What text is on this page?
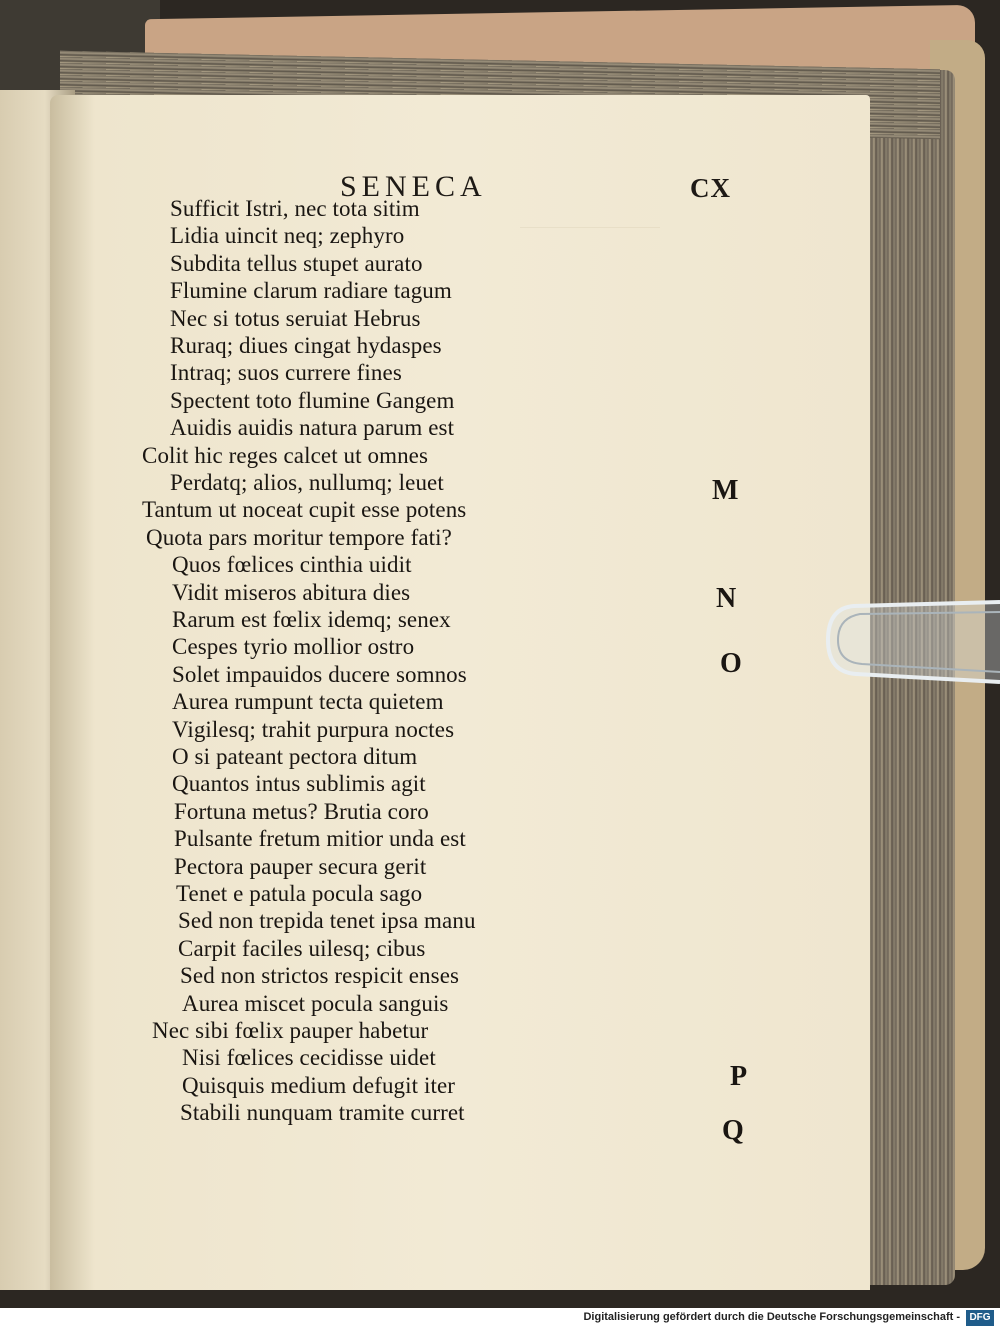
SENECA	CX
Sufficit Istri, nec tota sitim
Lidia uincit neq; zephyro
Subdita tellus stupet aurato
Flumine clarum radiare tagum
Nec si totus seruiat Hebrus
Ruraq; diues cingat hydaspes
Intraq; suos currere fines
Spectent toto flumine Gangem
Auidis auidis natura parum est
Colit hic reges calcet ut omnes
Perdatq; alios, nullumq; leuet
Tantum ut noceat cupit esse potens
Quota pars moritur tempore fati?
Quos fœlices cinthia uidit
Vidit miseros abitura dies
Rarum est fœlix idemq; senex
Cespes tyrio mollior ostro
Solet impauidos ducere somnos
Aurea rumpunt tecta quietem
Vigilesq; trahit purpura noctes
O si pateant pectora ditum
Quantos intus sublimis agit
Fortuna metus? Brutia coro
Pulsante fretum mitior unda est
Pectora pauper secura gerit
Tenet e patula pocula sago
Sed non trepida tenet ipsa manu
Carpit faciles uilesq; cibus
Sed non strictos respicit enses
Aurea miscet pocula sanguis
Nec sibi fœlix pauper habetur
Nisi fœlices cecidisse uidet
Quisquis medium defugit iter
Stabili nunquam tramite curret
M
N
O
P
Q
Digitalisierung gefördert durch die Deutsche Forschungsgemeinschaft - DFG
